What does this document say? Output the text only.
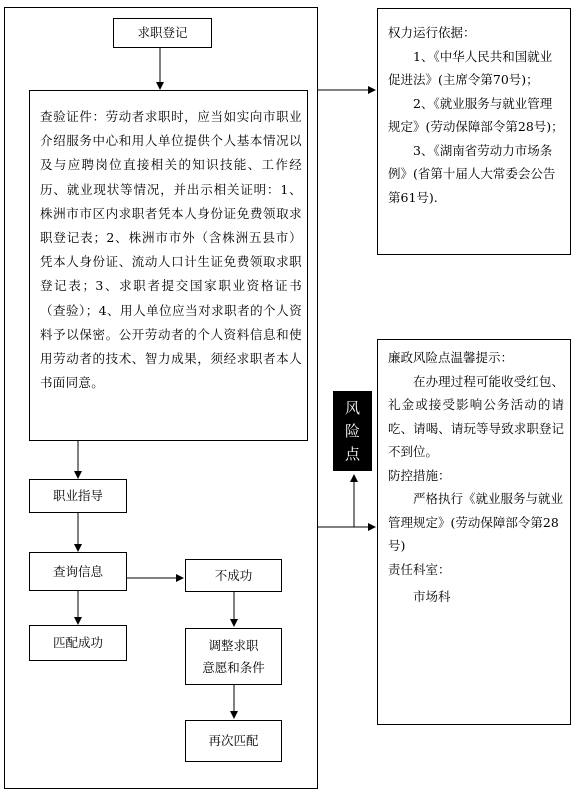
求职登记
查验证件：劳动者求职时，应当如实向市职业介绍服务中心和用人单位提供个人基本情况以及与应聘岗位直接相关的知识技能、工作经历、就业现状等情况，并出示相关证明：1、株洲市市区内求职者凭本人身份证免费领取求职登记表；2、株洲市市外（含株洲五县市）凭本人身份证、流动人口计生证免费领取求职登记表；3、求职者提交国家职业资格证书（查验）；4、用人单位应当对求职者的个人资料予以保密。公开劳动者的个人资料信息和使用劳动者的技术、智力成果，须经求职者本人书面同意。
职业指导
查询信息
匹配成功
不成功
调整求职
意愿和条件
再次匹配
风
险
点
权力运行依据：
1、《中华人民共和国就业促进法》(主席令第70号)；
2、《就业服务与就业管理规定》(劳动保障部令第28号)；
3、《湖南省劳动力市场条例》(省第十届人大常委会公告第61号).
廉政风险点温馨提示：
在办理过程可能收受红包、礼金或接受影响公务活动的请吃、请喝、请玩等导致求职登记不到位。
防控措施：
严格执行《就业服务与就业管理规定》(劳动保障部令第28号)
责任科室：
市场科
